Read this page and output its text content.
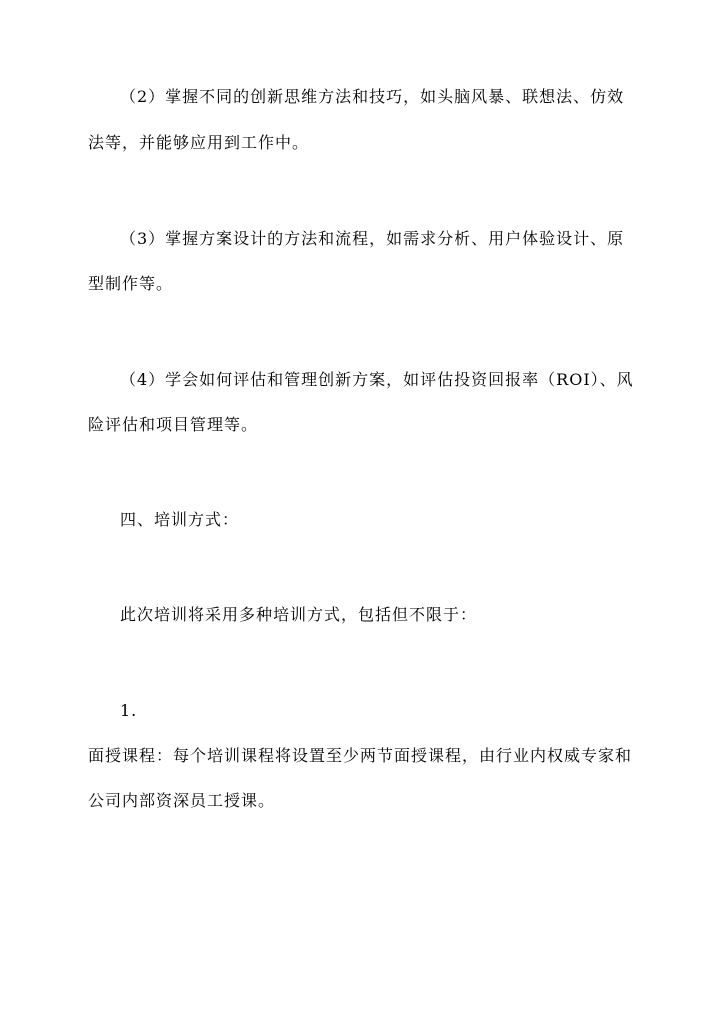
（2）掌握不同的创新思维方法和技巧，如头脑风暴、联想法、仿效

法等，并能够应用到工作中。

（3）掌握方案设计的方法和流程，如需求分析、用户体验设计、原

型制作等。

（4）学会如何评估和管理创新方案，如评估投资回报率（ROI）、风

险评估和项目管理等。

四、培训方式：

此次培训将采用多种培训方式，包括但不限于：

1.

面授课程：每个培训课程将设置至少两节面授课程，由行业内权威专家和

公司内部资深员工授课。
